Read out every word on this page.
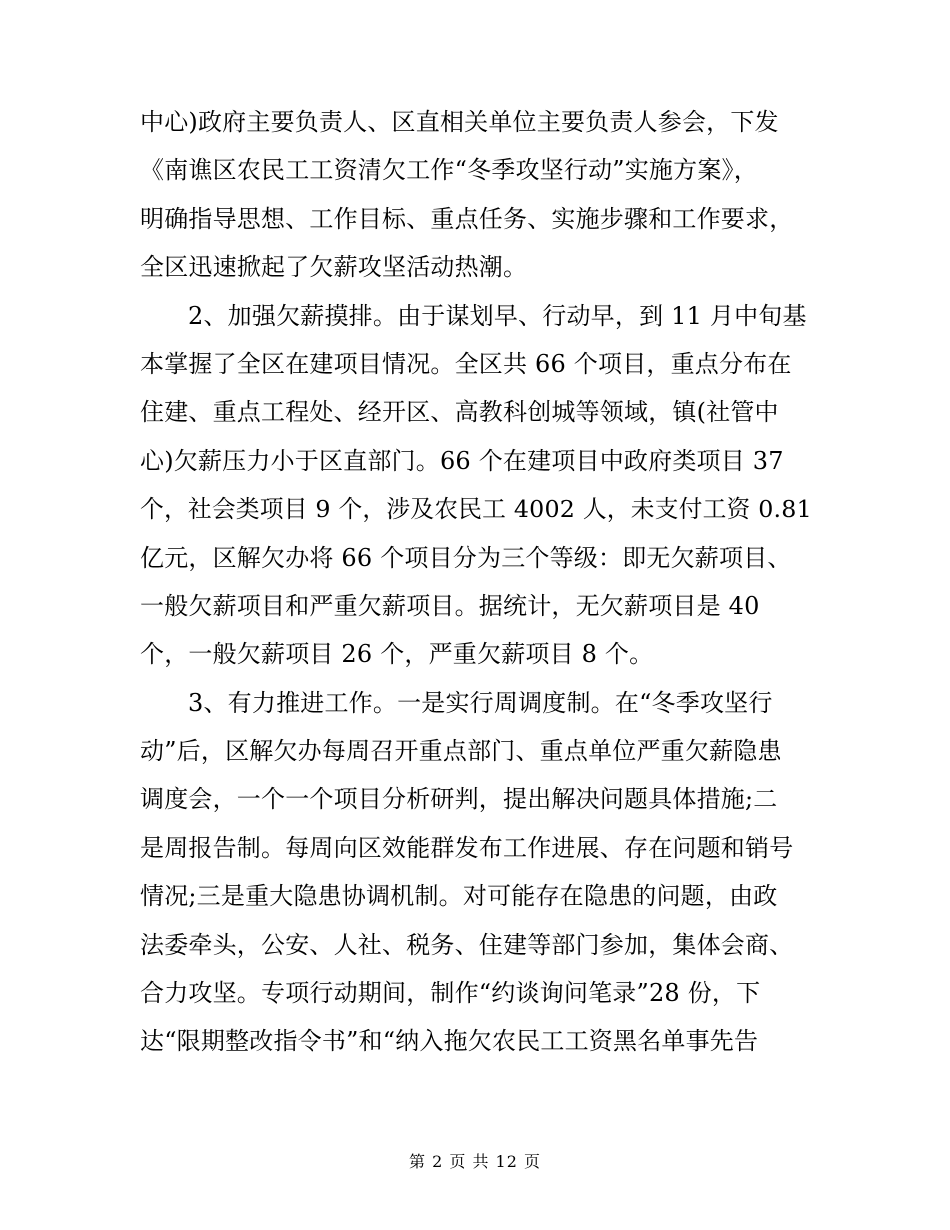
中心)政府主要负责人、区直相关单位主要负责人参会，下发
《南谯区农民工工资清欠工作“冬季攻坚行动”实施方案》，
明确指导思想、工作目标、重点任务、实施步骤和工作要求，
全区迅速掀起了欠薪攻坚活动热潮。
2、加强欠薪摸排。由于谋划早、行动早，到 11 月中旬基
本掌握了全区在建项目情况。全区共 66 个项目，重点分布在
住建、重点工程处、经开区、高教科创城等领域，镇(社管中
心)欠薪压力小于区直部门。66 个在建项目中政府类项目 37
个，社会类项目 9 个，涉及农民工 4002 人，未支付工资 0.81
亿元，区解欠办将 66 个项目分为三个等级：即无欠薪项目、
一般欠薪项目和严重欠薪项目。据统计，无欠薪项目是 40
个，一般欠薪项目 26 个，严重欠薪项目 8 个。
3、有力推进工作。一是实行周调度制。在“冬季攻坚行
动”后，区解欠办每周召开重点部门、重点单位严重欠薪隐患
调度会，一个一个项目分析研判，提出解决问题具体措施;二
是周报告制。每周向区效能群发布工作进展、存在问题和销号
情况;三是重大隐患协调机制。对可能存在隐患的问题，由政
法委牵头，公安、人社、税务、住建等部门参加，集体会商、
合力攻坚。专项行动期间，制作“约谈询问笔录”28 份，下
达“限期整改指令书”和“纳入拖欠农民工工资黑名单事先告
第 2 页 共 12 页
